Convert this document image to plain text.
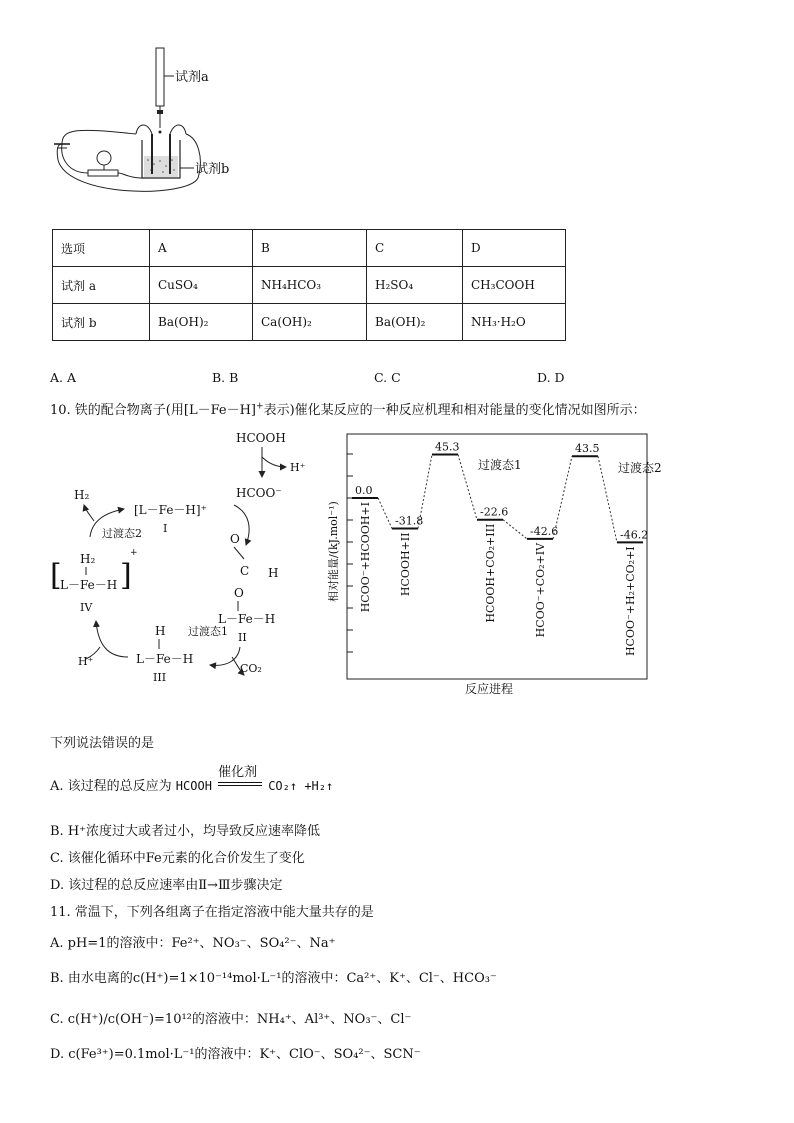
试剂a
试剂b
选项	A	B	C	D
试剂 a	CuSO₄	NH₄HCO₃	H₂SO₄	CH₃COOH
试剂 b	Ba(OH)₂	Ca(OH)₂	Ba(OH)₂	NH₃·H₂O
A. A	B. B	C. C	D. D
10. 铁的配合物离子(用[L－Fe－H]+表示)催化某反应的一种反应机理和相对能量的变化情况如图所示：
HCOOH
H⁺
HCOO⁻
H₂
[L－Fe－H]⁺
I
O
C H
O
L－Fe－H
II
过渡态1
CO₂
H
L－Fe－H
III
H⁺
[ H₂
L－Fe－H ]
+
IV
过渡态2	相对能量/(kJ.mol⁻¹)
反应进程
0.0
HCOO⁻+HCOOH+I -31.8
HCOOH+II
45.3
-22.6
HCOOH+CO₂+III	-42.6
HCOO⁻+CO₂+IV
43.5
-46.2
HCOO⁻+H₂+CO₂+I
过渡态1	过渡态2
下列说法错误的是
A. 该过程的总反应为 HCOOH
催化剂
CO₂↑ +H₂↑
B. H⁺浓度过大或者过小，均导致反应速率降低
C. 该催化循环中Fe元素的化合价发生了变化
D. 该过程的总反应速率由Ⅱ→Ⅲ步骤决定
11. 常温下，下列各组离子在指定溶液中能大量共存的是
A. pH=1的溶液中：Fe²⁺、NO₃⁻、SO₄²⁻、Na⁺
B. 由水电离的c(H⁺)=1×10⁻¹⁴mol·L⁻¹的溶液中：Ca²⁺、K⁺、Cl⁻、HCO₃⁻
C. c(H⁺)/c(OH⁻)=10¹²的溶液中：NH₄⁺、Al³⁺、NO₃⁻、Cl⁻
D. c(Fe³⁺)=0.1mol·L⁻¹的溶液中：K⁺、ClO⁻、SO₄²⁻、SCN⁻
